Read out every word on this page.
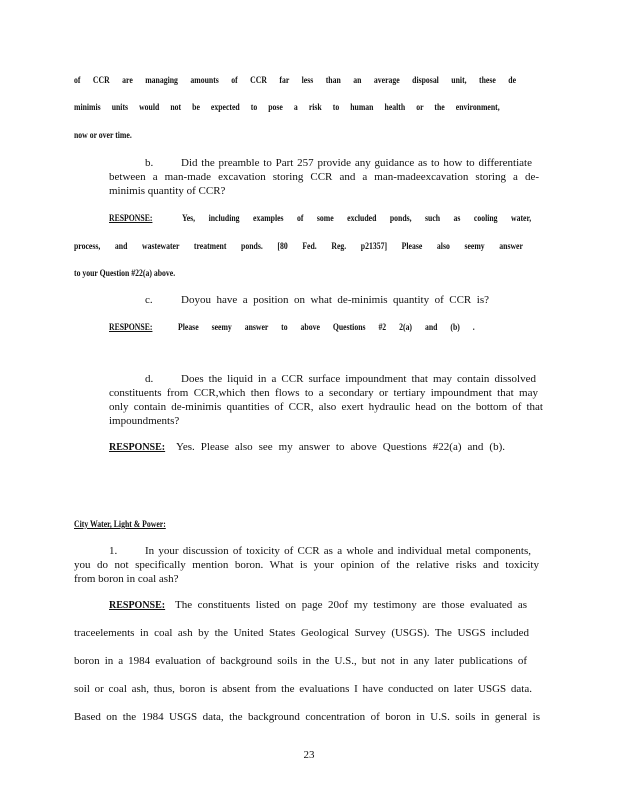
of CCR are managing amounts of CCR far less than an average disposal unit, these de
minimis units would not be expected to pose a risk to human health or the environment,
now or over time.
b.	Did the preamble to Part 257 provide any guidance as to how to differentiate
between a man-made excavation storing CCR and a man-madeexcavation storing a de-
minimis quantity of CCR?
RESPONSE:	Yes, including examples of some excluded ponds, such as cooling water,
process, and wastewater treatment ponds. [80 Fed. Reg. p21357] Please also seemy answer
to your Question #22(a) above.
c.	Doyou have a position on what de-minimis quantity of CCR is?
RESPONSE:	Please seemy answer to above Questions #2 2(a) and (b) .
d.	Does the liquid in a CCR surface impoundment that may contain dissolved
constituents from CCR,which then flows to a secondary or tertiary impoundment that may
only contain de-minimis quantities of CCR, also exert hydraulic head on the bottom of that
impoundments?
RESPONSE: Yes. Please also see my answer to above Questions #22(a) and (b).
City Water, Light & Power:
1.	In your discussion of toxicity of CCR as a whole and individual metal components,
you do not specifically mention boron. What is your opinion of the relative risks and toxicity
from boron in coal ash?
RESPONSE: The constituents listed on page 20of my testimony are those evaluated as
traceelements in coal ash by the United States Geological Survey (USGS). The USGS included
boron in a 1984 evaluation of background soils in the U.S., but not in any later publications of
soil or coal ash, thus, boron is absent from the evaluations I have conducted on later USGS data.
Based on the 1984 USGS data, the background concentration of boron in U.S. soils in general is
23
